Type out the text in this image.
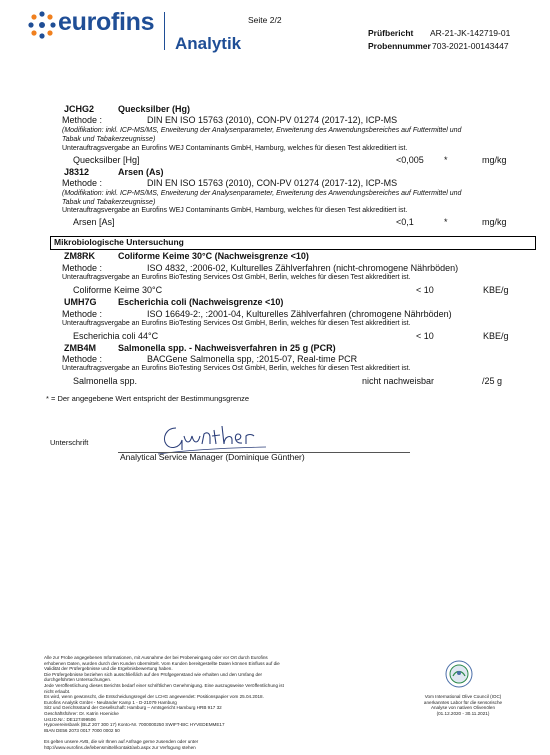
eurofins
Analytik
Seite 2/2
Prüfbericht AR-21-JK-142719-01
Probennummer 703-2021-00143447
JCHG2	Quecksilber (Hg)
Methode :	DIN EN ISO 15763 (2010), CON-PV 01274 (2017-12), ICP-MS
(Modifikation: inkl. ICP-MS/MS, Erweiterung der Analysenparameter, Erweiterung des Anwendungsbereiches auf Futtermittel und
Tabak und Tabakerzeugnisse)
Unterauftragsvergabe an Eurofins WEJ Contaminants GmbH, Hamburg, welches für diesen Test akkreditiert ist.
Quecksilber [Hg]	<0,005 *	mg/kg
J8312	Arsen (As)
Methode :	DIN EN ISO 15763 (2010), CON-PV 01274 (2017-12), ICP-MS
(Modifikation: inkl. ICP-MS/MS, Erweiterung der Analysenparameter, Erweiterung des Anwendungsbereiches auf Futtermittel und
Tabak und Tabakerzeugnisse)
Unterauftragsvergabe an Eurofins WEJ Contaminants GmbH, Hamburg, welches für diesen Test akkreditiert ist.
Arsen [As]	<0,1	*	mg/kg
Mikrobiologische Untersuchung
ZM8RK	Coliforme Keime 30°C (Nachweisgrenze <10)
Methode :	ISO 4832, :2006-02, Kulturelles Zählverfahren (nicht-chromogene Nährböden)
Unterauftragsvergabe an Eurofins BioTesting Services Ost GmbH, Berlin, welches für diesen Test akkreditiert ist.
Coliforme Keime 30°C	< 10	KBE/g
UMH7G Escherichia coli (Nachweisgrenze <10)
Methode :	ISO 16649-2:, :2001-04, Kulturelles Zählverfahren (chromogene Nährböden)
Unterauftragsvergabe an Eurofins BioTesting Services Ost GmbH, Berlin, welches für diesen Test akkreditiert ist.
Escherichia coli 44°C	< 10	KBE/g
ZMB4M Salmonella spp. - Nachweisverfahren in 25 g (PCR)
Methode :	BACGene Salmonella spp, :2015-07, Real-time PCR
Unterauftragsvergabe an Eurofins BioTesting Services Ost GmbH, Berlin, welches für diesen Test akkreditiert ist.
Salmonella spp.	nicht nachweisbar	/25 g
* = Der angegebene Wert entspricht der Bestimmungsgrenze
Unterschrift
Analytical Service Manager (Dominique Günther)
Alle zur Probe angegebenen Informationen, mit Ausnahme der bei Probeneingang oder vor Ort durch Eurofins
erhobenen Daten, wurden durch den Kunden übermittelt. Vom Kunden bereitgestellte Daten können Einfluss auf die
Validität der Prüfergebnisse und die Ergebnisbewertung haben.
Die Prüfergebnisse beziehen sich ausschließlich auf den Prüfgegenstand wie erhalten und den Umfang der
durchgeführten Untersuchungen.
Jede Veröffentlichung dieses Berichts bedarf einer schriftlichen Genehmigung. Eine auszugsweise Veröffentlichung ist
nicht erlaubt.
Es wird, wenn gewünscht, die Entscheidungsregel der LCHG angewendet: Positionspapier vom 25.04.2018.
Eurofins Analytik GmbH - Neuländer Kamp 1 - D-21079 Hamburg
Sitz und Gerichtsstand der Gesellschaft: Hamburg – Amtsgericht Hamburg HRB 917 32
Geschäftsführer: Dr. Katrin Hoenicke
Ust.ID.Nr.: DE127499506
Hypovereinsbank (BLZ 207 300 17) Konto-Nr. 7000000250 SWIFT-BIC HYVEDEMME17
IBAN DE56 2073 0017 7000 0002 50

Es gelten unsere AVB, die wir Ihnen auf Anfrage gerne zusenden oder unter
http://www.eurofins.de/lebensmittel/kontakt/avb.aspx zur Verfügung stehen
Vom International Olive Council (IOC)
anerkanntes Labor für die sensorische
Analyse von nativen Olivenölen
(01.12.2020 - 30.11.2021)
